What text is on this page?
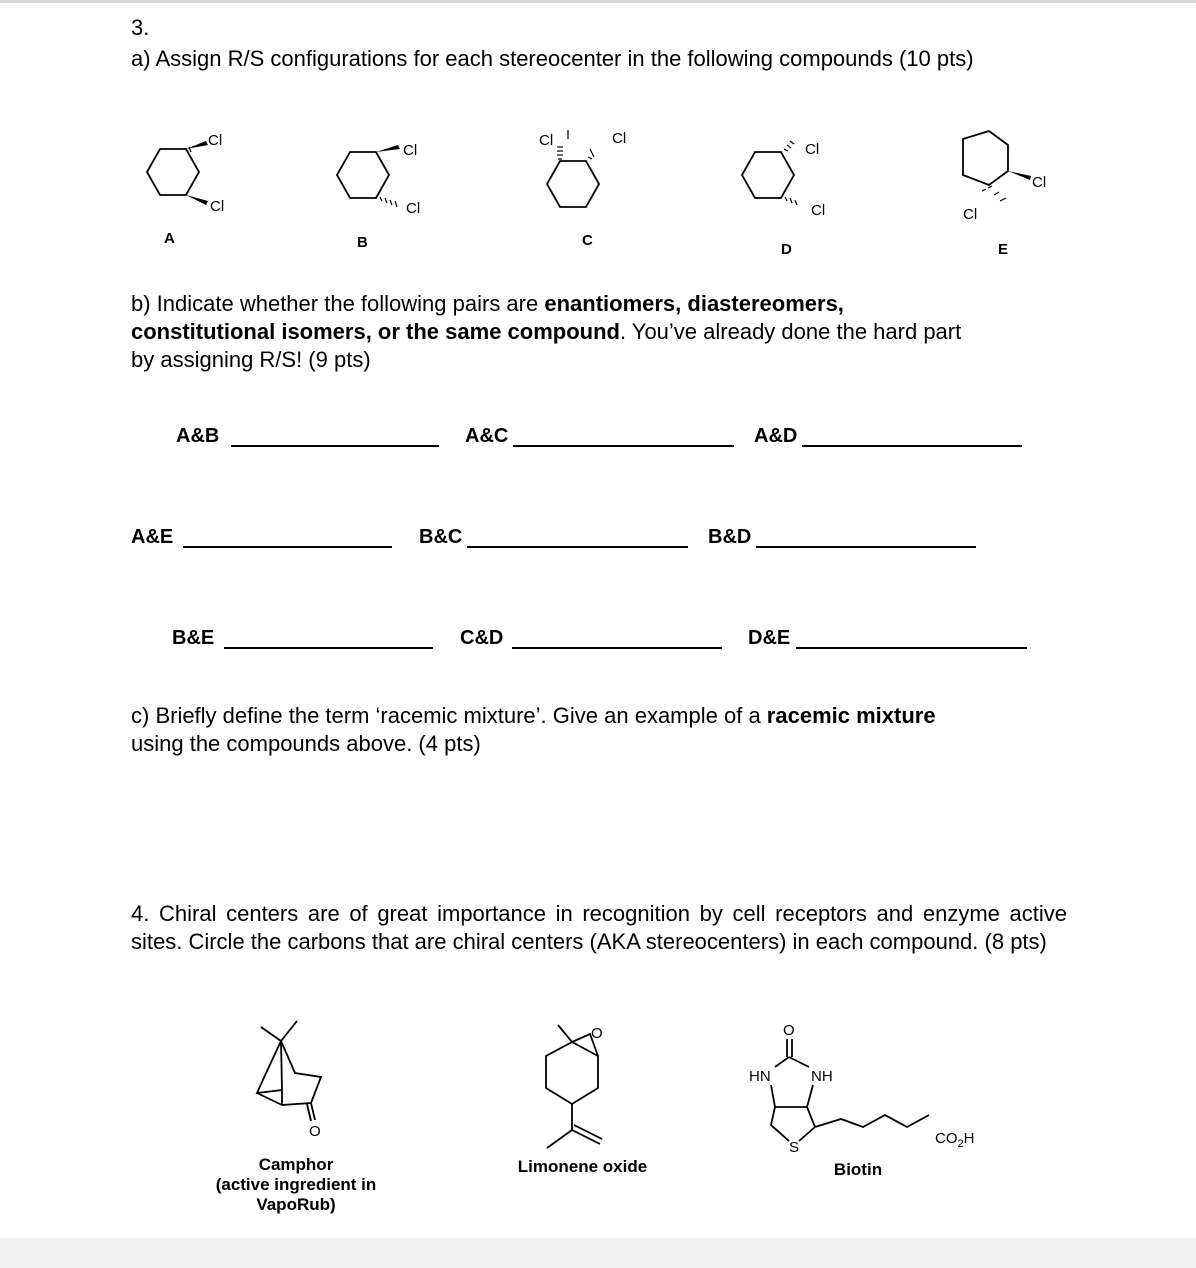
3.
a) Assign R/S configurations for each stereocenter in the following compounds (10 pts)
Cl
Cl
A
Cl
Cl
B
Cl	Cl
C
Cl
Cl
D
Cl
Cl
E
b) Indicate whether the following pairs are enantiomers, diastereomers,
constitutional isomers, or the same compound. You’ve already done the hard part
by assigning R/S! (9 pts)
A&B	A&C	A&D
A&E	B&C	B&D
B&E	C&D	D&E
c) Briefly define the term ‘racemic mixture’. Give an example of a racemic mixture
using the compounds above. (4 pts)
4. Chiral centers are of great importance in recognition by cell receptors and enzyme active sites. Circle the carbons that are chiral centers (AKA stereocenters) in each compound. (8 pts)
O
Camphor
(active ingredient in
VapoRub)
O
Limonene oxide
O
HN	NH
S
$CO_2H$
Biotin
